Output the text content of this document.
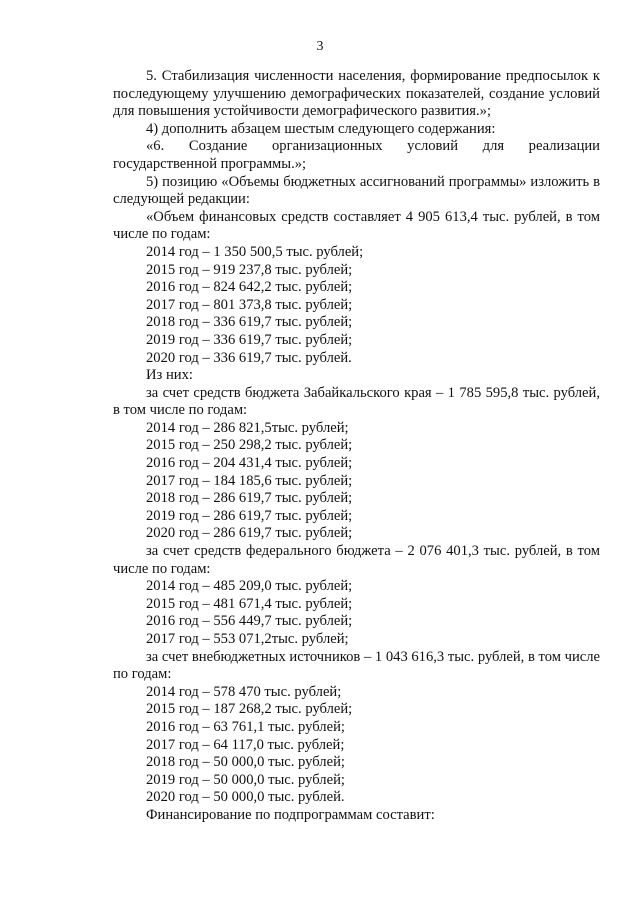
3

5. Стабилизация численности населения, формирование предпосылок к последующему улучшению демографических показателей, создание условий для повышения устойчивости демографического развития.»;

4) дополнить абзацем шестым следующего содержания:

«6. Создание организационных условий для реализации государственной программы.»;

5) позицию «Объемы бюджетных ассигнований программы» изложить в следующей редакции:

«Объем финансовых средств составляет 4 905 613,4 тыс. рублей, в том числе по годам:

2014 год – 1 350 500,5 тыс. рублей;

2015 год – 919 237,8 тыс. рублей;

2016 год – 824 642,2 тыс. рублей;

2017 год – 801 373,8 тыс. рублей;

2018 год – 336 619,7 тыс. рублей;

2019 год – 336 619,7 тыс. рублей;

2020 год – 336 619,7 тыс. рублей.

Из них:

за счет средств бюджета Забайкальского края – 1 785 595,8 тыс. рублей, в том числе по годам:

2014 год – 286 821,5тыс. рублей;

2015 год – 250 298,2 тыс. рублей;

2016 год – 204 431,4 тыс. рублей;

2017 год – 184 185,6 тыс. рублей;

2018 год – 286 619,7 тыс. рублей;

2019 год – 286 619,7 тыс. рублей;

2020 год – 286 619,7 тыс. рублей;

за счет средств федерального бюджета – 2 076 401,3 тыс. рублей, в том числе по годам:

2014 год – 485 209,0 тыс. рублей;

2015 год – 481 671,4 тыс. рублей;

2016 год – 556 449,7 тыс. рублей;

2017 год – 553 071,2тыс. рублей;

за счет внебюджетных источников – 1 043 616,3 тыс. рублей, в том числе по годам:

2014 год – 578 470 тыс. рублей;

2015 год – 187 268,2 тыс. рублей;

2016 год – 63 761,1 тыс. рублей;

2017 год – 64 117,0 тыс. рублей;

2018 год – 50 000,0 тыс. рублей;

2019 год – 50 000,0 тыс. рублей;

2020 год – 50 000,0 тыс. рублей.

Финансирование по подпрограммам составит:
